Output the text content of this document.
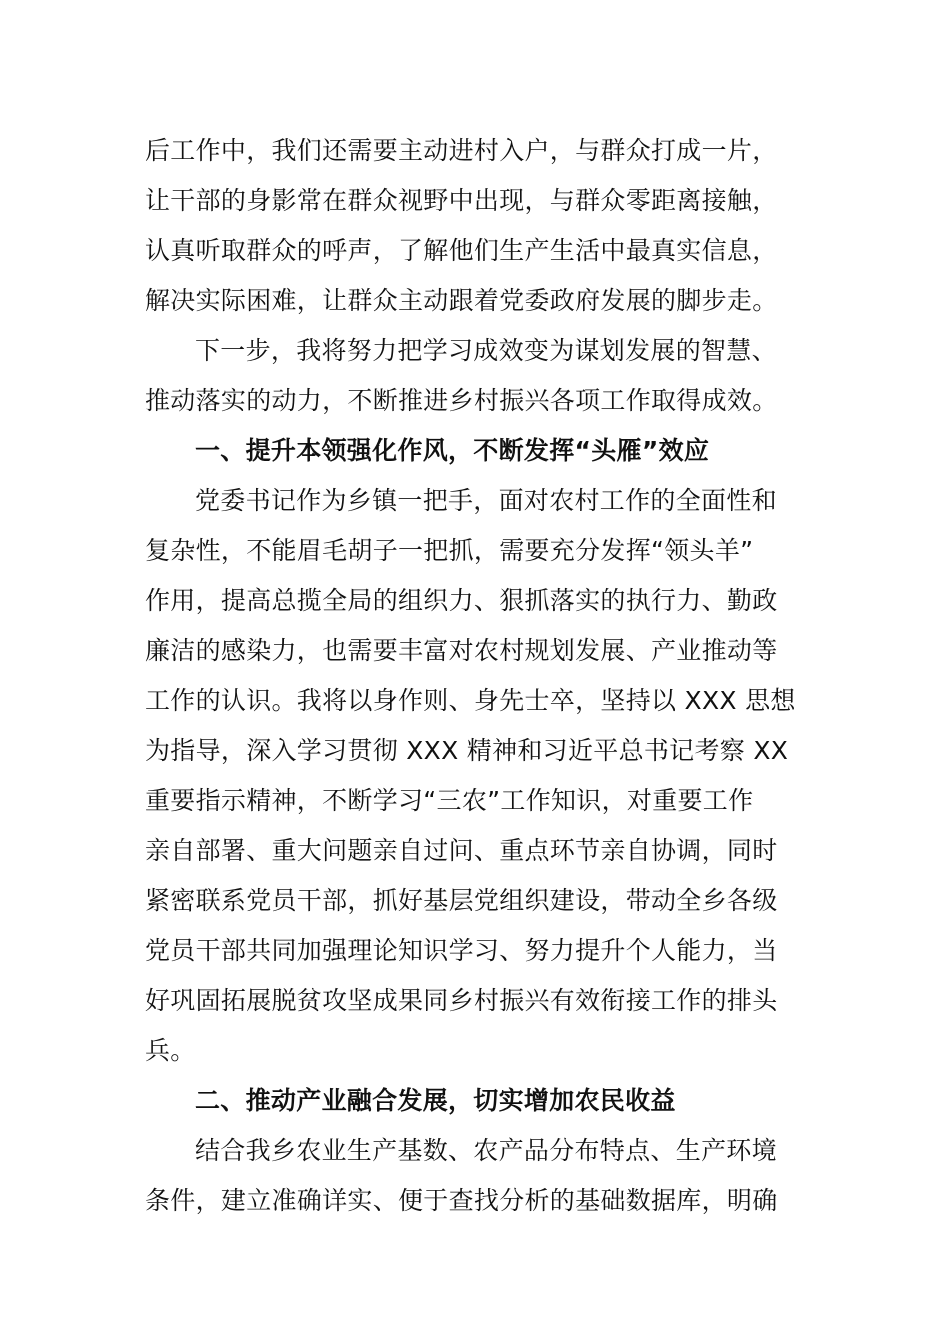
后工作中，我们还需要主动进村入户，与群众打成一片，
让干部的身影常在群众视野中出现，与群众零距离接触，
认真听取群众的呼声，了解他们生产生活中最真实信息，
解决实际困难，让群众主动跟着党委政府发展的脚步走。
下一步，我将努力把学习成效变为谋划发展的智慧、
推动落实的动力，不断推进乡村振兴各项工作取得成效。
一、提升本领强化作风，不断发挥“头雁”效应
党委书记作为乡镇一把手，面对农村工作的全面性和
复杂性，不能眉毛胡子一把抓，需要充分发挥“领头羊”
作用，提高总揽全局的组织力、狠抓落实的执行力、勤政
廉洁的感染力，也需要丰富对农村规划发展、产业推动等
工作的认识。我将以身作则、身先士卒，坚持以 XXX 思想
为指导，深入学习贯彻 XXX 精神和习近平总书记考察 XX
重要指示精神，不断学习“三农”工作知识，对重要工作
亲自部署、重大问题亲自过问、重点环节亲自协调，同时
紧密联系党员干部，抓好基层党组织建设，带动全乡各级
党员干部共同加强理论知识学习、努力提升个人能力，当
好巩固拓展脱贫攻坚成果同乡村振兴有效衔接工作的排头
兵。
二、推动产业融合发展，切实增加农民收益
结合我乡农业生产基数、农产品分布特点、生产环境
条件，建立准确详实、便于查找分析的基础数据库，明确
